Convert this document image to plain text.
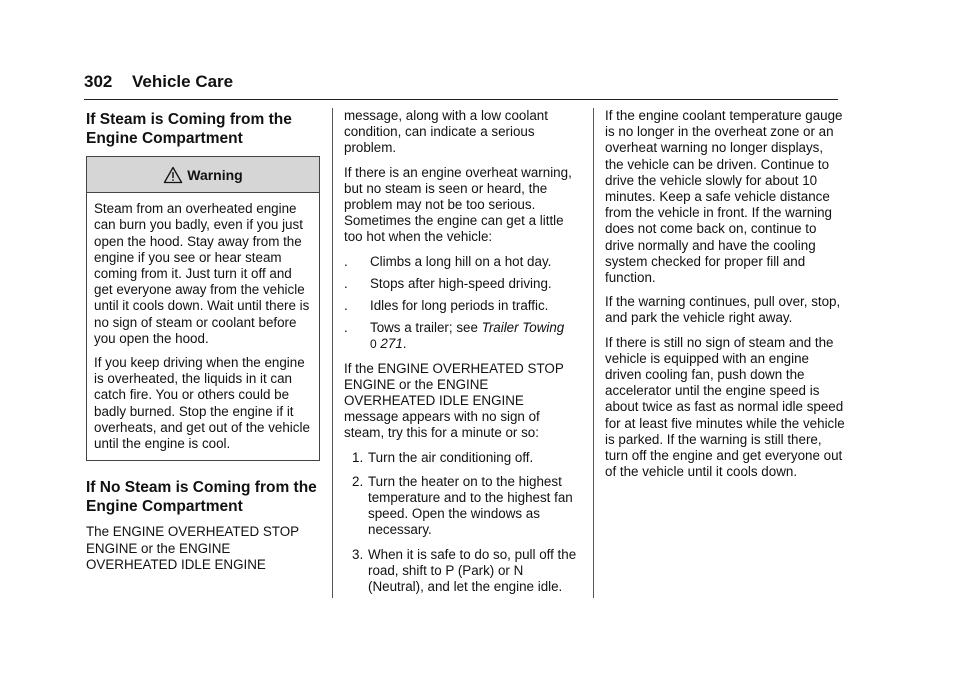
302 Vehicle Care
If Steam is Coming from the Engine Compartment
Warning

Steam from an overheated engine can burn you badly, even if you just open the hood. Stay away from the engine if you see or hear steam coming from it. Just turn it off and get everyone away from the vehicle until it cools down. Wait until there is no sign of steam or coolant before you open the hood.

If you keep driving when the engine is overheated, the liquids in it can catch fire. You or others could be badly burned. Stop the engine if it overheats, and get out of the vehicle until the engine is cool.

If No Steam is Coming from the Engine Compartment

The ENGINE OVERHEATED STOP ENGINE or the ENGINE OVERHEATED IDLE ENGINE

message, along with a low coolant condition, can indicate a serious problem.

If there is an engine overheat warning, but no steam is seen or heard, the problem may not be too serious. Sometimes the engine can get a little too hot when the vehicle:

. Climbs a long hill on a hot day.
. Stops after high-speed driving.
. Idles for long periods in traffic.
. Tows a trailer; see Trailer Towing
0 271.

If the ENGINE OVERHEATED STOP ENGINE or the ENGINE OVERHEATED IDLE ENGINE message appears with no sign of steam, try this for a minute or so:

1. Turn the air conditioning off.
2. Turn the heater on to the highest temperature and to the highest fan speed. Open the windows as necessary.
3. When it is safe to do so, pull off the road, shift to P (Park) or N (Neutral), and let the engine idle.

If the engine coolant temperature gauge is no longer in the overheat zone or an overheat warning no longer displays, the vehicle can be driven. Continue to drive the vehicle slowly for about 10 minutes. Keep a safe vehicle distance from the vehicle in front. If the warning does not come back on, continue to drive normally and have the cooling system checked for proper fill and function.

If the warning continues, pull over, stop, and park the vehicle right away.

If there is still no sign of steam and the vehicle is equipped with an engine driven cooling fan, push down the accelerator until the engine speed is about twice as fast as normal idle speed for at least five minutes while the vehicle is parked. If the warning is still there, turn off the engine and get everyone out of the vehicle until it cools down.
